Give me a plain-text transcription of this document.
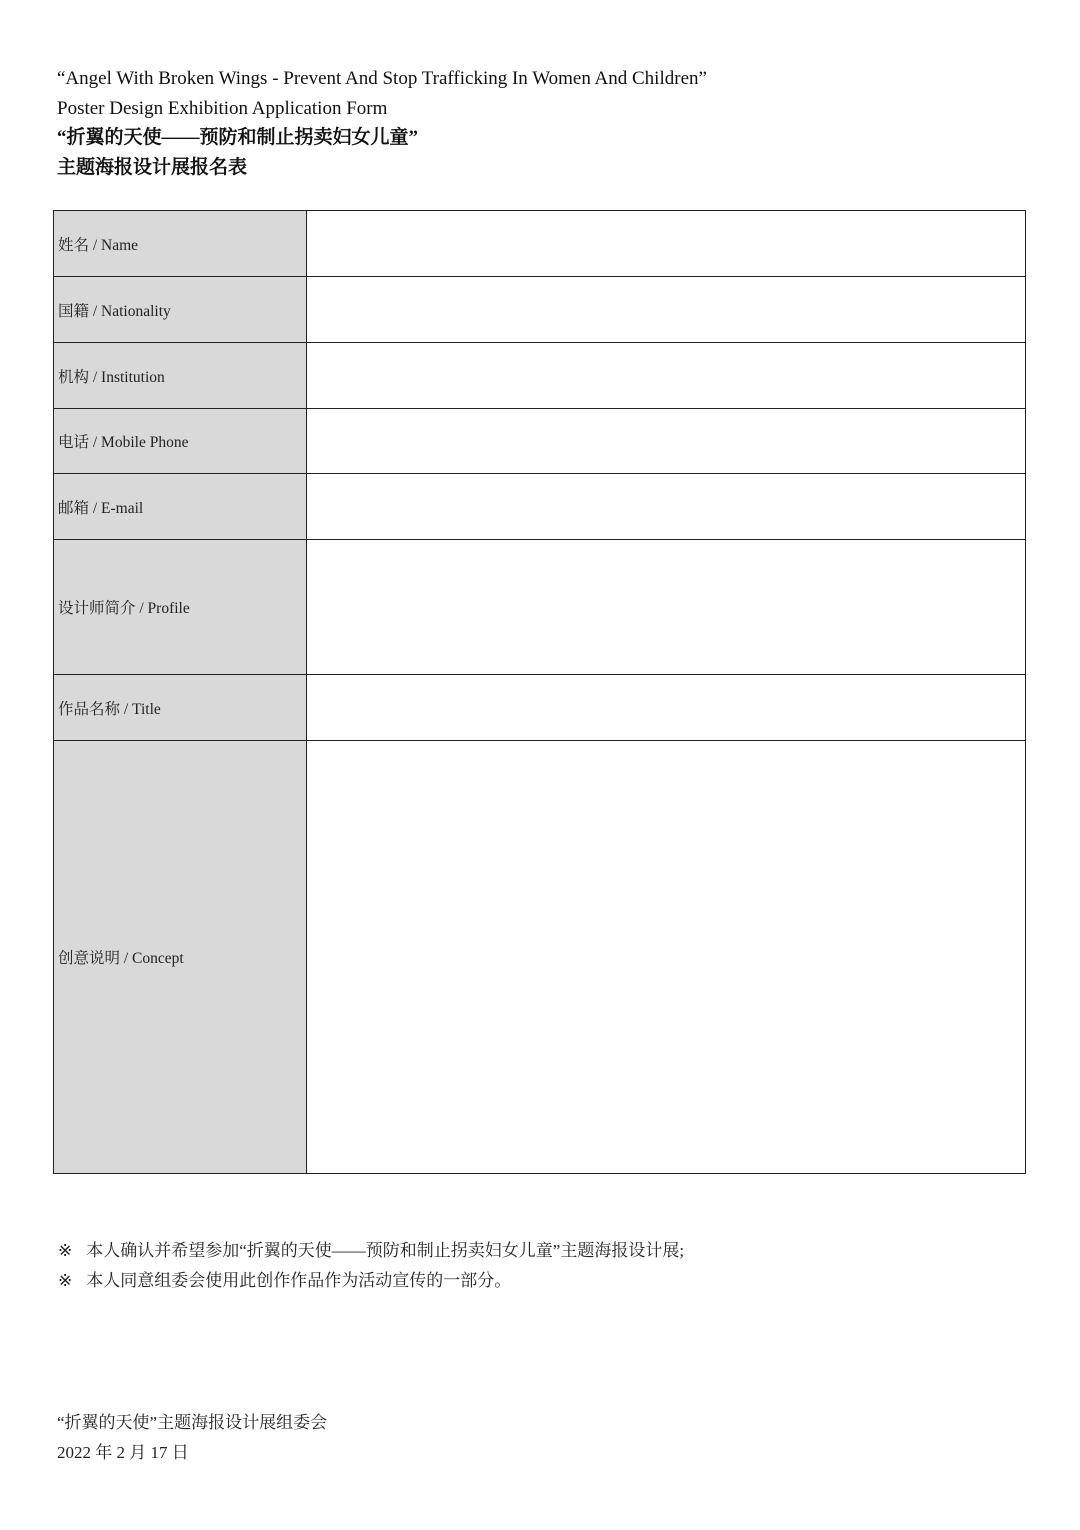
“Angel With Broken Wings - Prevent And Stop Trafficking In Women And Children”
Poster Design Exhibition Application Form
“折翼的天使——预防和制止拐卖妇女儿童”
主题海报设计展报名表
姓名 / Name	
国籍 / Nationality	
机构 / Institution	
电话 / Mobile Phone	
邮箱 / E-mail	
设计师简介 / Profile	
作品名称 / Title	
创意说明 / Concept	
※ 本人确认并希望参加“折翼的天使——预防和制止拐卖妇女儿童”主题海报设计展;
※ 本人同意组委会使用此创作作品作为活动宣传的一部分。
“折翼的天使”主题海报设计展组委会
2022 年 2 月 17 日
